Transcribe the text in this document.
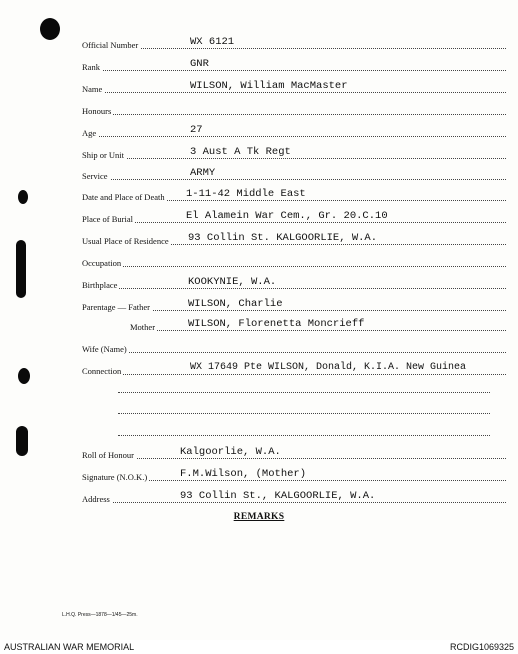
Official Number	WX 6121
Rank	GNR
Name	WILSON, William MacMaster
Honours
Age	27
Ship or Unit	3 Aust A Tk Regt
Service	ARMY
Date and Place of Death 1-11-42 Middle East
Place of Burial	El Alamein War Cem., Gr. 20.C.10
Usual Place of Residence 93 Collin St. KALGOORLIE, W.A.
Occupation
Birthplace	KOOKYNIE, W.A.
Parentage — Father	WILSON, Charlie
Mother	WILSON, Florenetta Moncrieff
Wife (Name)
Connection	WX 17649 Pte WILSON, Donald, K.I.A. New Guinea
Roll of Honour	Kalgoorlie, W.A.
Signature (N.O.K.)	F.M.Wilson, (Mother)
Address	93 Collin St., KALGOORLIE, W.A.
REMARKS
L.H.Q. Press—1878—1/45—25m.
AUSTRALIAN WAR MEMORIAL	RCDIG1069325
